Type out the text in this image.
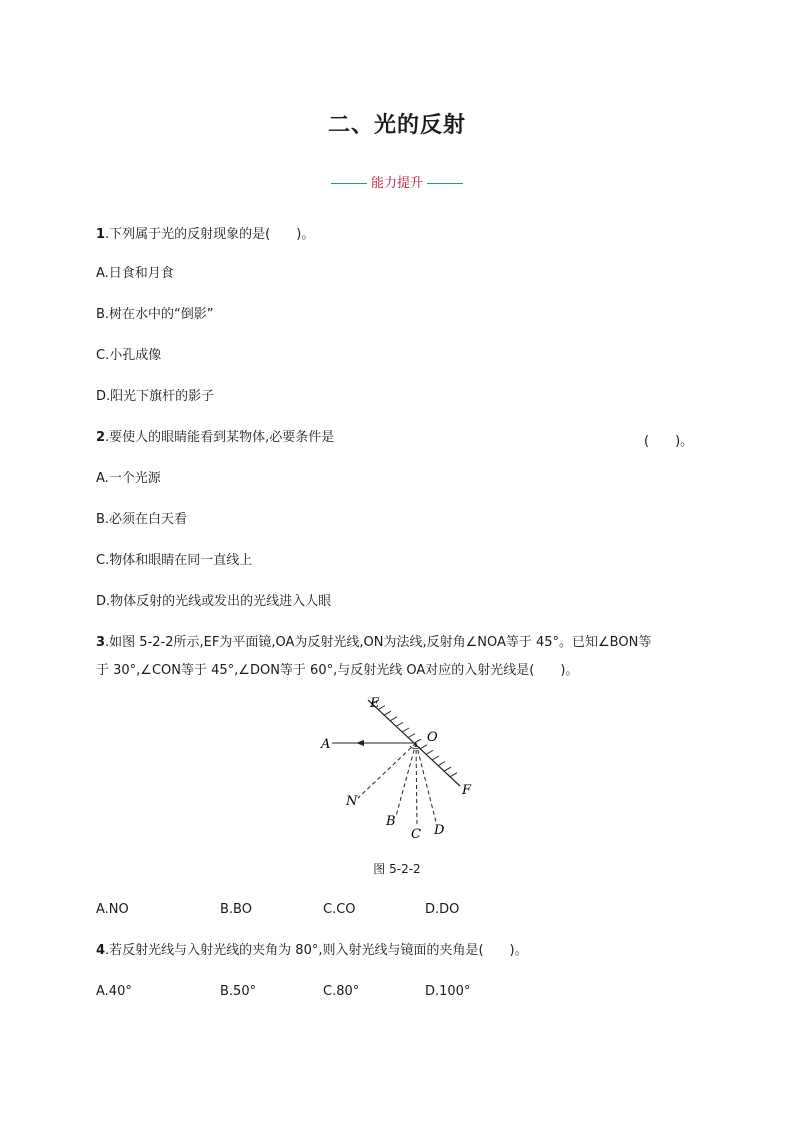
二、光的反射
能力提升
1.下列属于光的反射现象的是(　　)。
A.日食和月食
B.树在水中的“倒影”
C.小孔成像
D.阳光下旗杆的影子
2.要使人的眼睛能看到某物体,必要条件是	(　　)。
A.一个光源
B.必须在白天看
C.物体和眼睛在同一直线上
D.物体反射的光线或发出的光线进入人眼
3.如图 5-2-2所示,EF为平面镜,OA为反射光线,ON为法线,反射角∠NOA等于 45°。已知∠BON等
于 30°,∠CON等于 45°,∠DON等于 60°,与反射光线 OA对应的入射光线是(　　)。
E
O
A
F
N
B
C D
图 5-2-2
A.NO	B.BO	C.CO	D.DO
4.若反射光线与入射光线的夹角为 80°,则入射光线与镜面的夹角是(　　)。
A.40°	B.50°	C.80°	D.100°
